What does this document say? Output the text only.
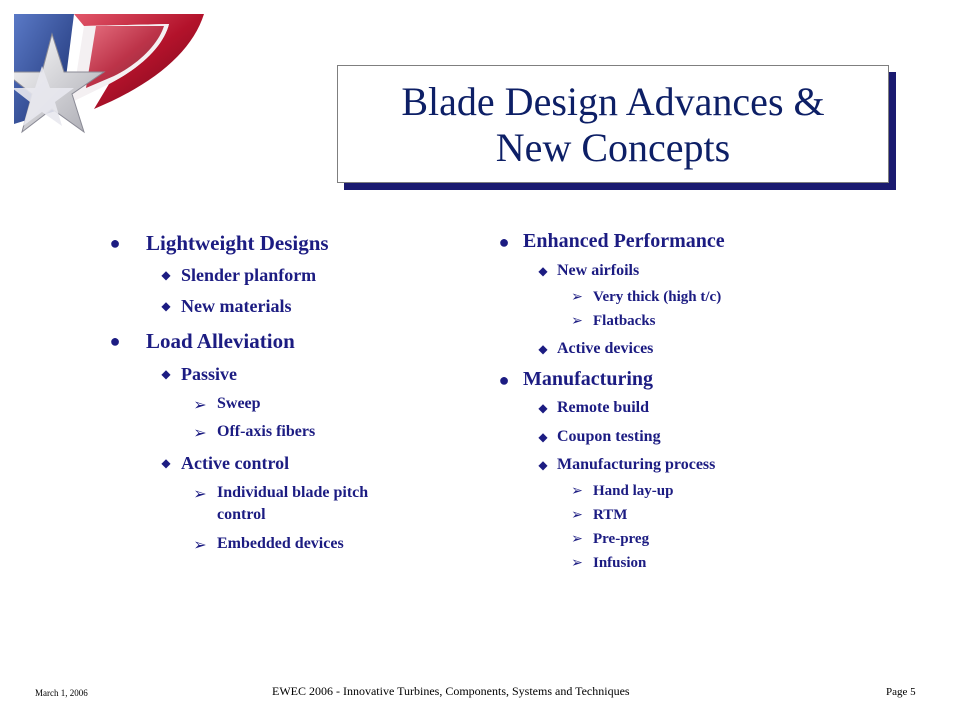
Blade Design Advances &
New Concepts
● Lightweight Designs
◆ Slender planform
◆ New materials
● Load Alleviation
◆ Passive
➢ Sweep
➢ Off-axis fibers
◆ Active control
➢ Individual blade pitch
control
➢ Embedded devices
● Enhanced Performance
◆ New airfoils
➢ Very thick (high t/c)
➢ Flatbacks
◆ Active devices
● Manufacturing
◆ Remote build
◆ Coupon testing
◆ Manufacturing process
➢ Hand lay-up
➢ RTM
➢ Pre-preg
➢ Infusion
March 1, 2006	EWEC 2006 - Innovative Turbines, Components, Systems and Techniques	Page 5
